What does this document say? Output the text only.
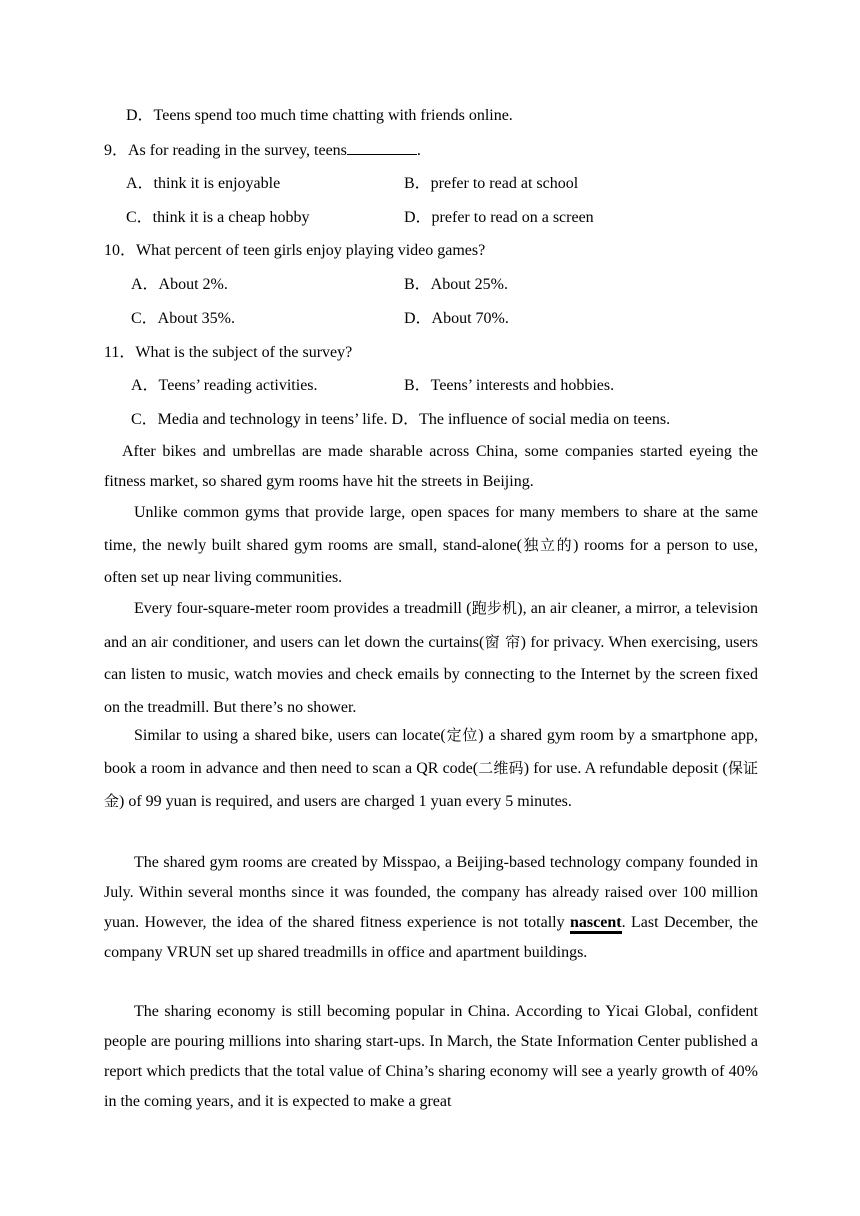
D．Teens spend too much time chatting with friends online.
9．As for reading in the survey, teens	.
A．think it is enjoyable	B．prefer to read at school
C．think it is a cheap hobby	D．prefer to read on a screen
10．What percent of teen girls enjoy playing video games?
A．About 2%.	B．About 25%.
C．About 35%.	D．About 70%.
11．What is the subject of the survey?
A．Teens’ reading activities.	B．Teens’ interests and hobbies.
C．Media and technology in teens’ life. D．The influence of social media on teens.

After bikes and umbrellas are made sharable across China, some companies started eyeing the fitness market, so shared gym rooms have hit the streets in Beijing.

Unlike common gyms that provide large, open spaces for many members to share at the same time, the newly built shared gym rooms are small, stand-alone(独立的) rooms for a person to use, often set up near living communities.

Every four-square-meter room provides a treadmill (跑步机), an air cleaner, a mirror, a television and an air conditioner, and users can let down the curtains(窗 帘) for privacy. When exercising, users can listen to music, watch movies and check emails by connecting to the Internet by the screen fixed on the treadmill. But there’s no shower.

Similar to using a shared bike, users can locate(定位) a shared gym room by a smartphone app, book a room in advance and then need to scan a QR code(二维码) for use. A refundable deposit (保证金) of 99 yuan is required, and users are charged 1 yuan every 5 minutes.

The shared gym rooms are created by Misspao, a Beijing-based technology company founded in July. Within several months since it was founded, the company has already raised over 100 million yuan. However, the idea of the shared fitness experience is not totally nascent. Last December, the company VRUN set up shared treadmills in office and apartment buildings.

The sharing economy is still becoming popular in China. According to Yicai Global, confident people are pouring millions into sharing start-ups. In March, the State Information Center published a report which predicts that the total value of China’s sharing economy will see a yearly growth of 40% in the coming years, and it is expected to make a great
